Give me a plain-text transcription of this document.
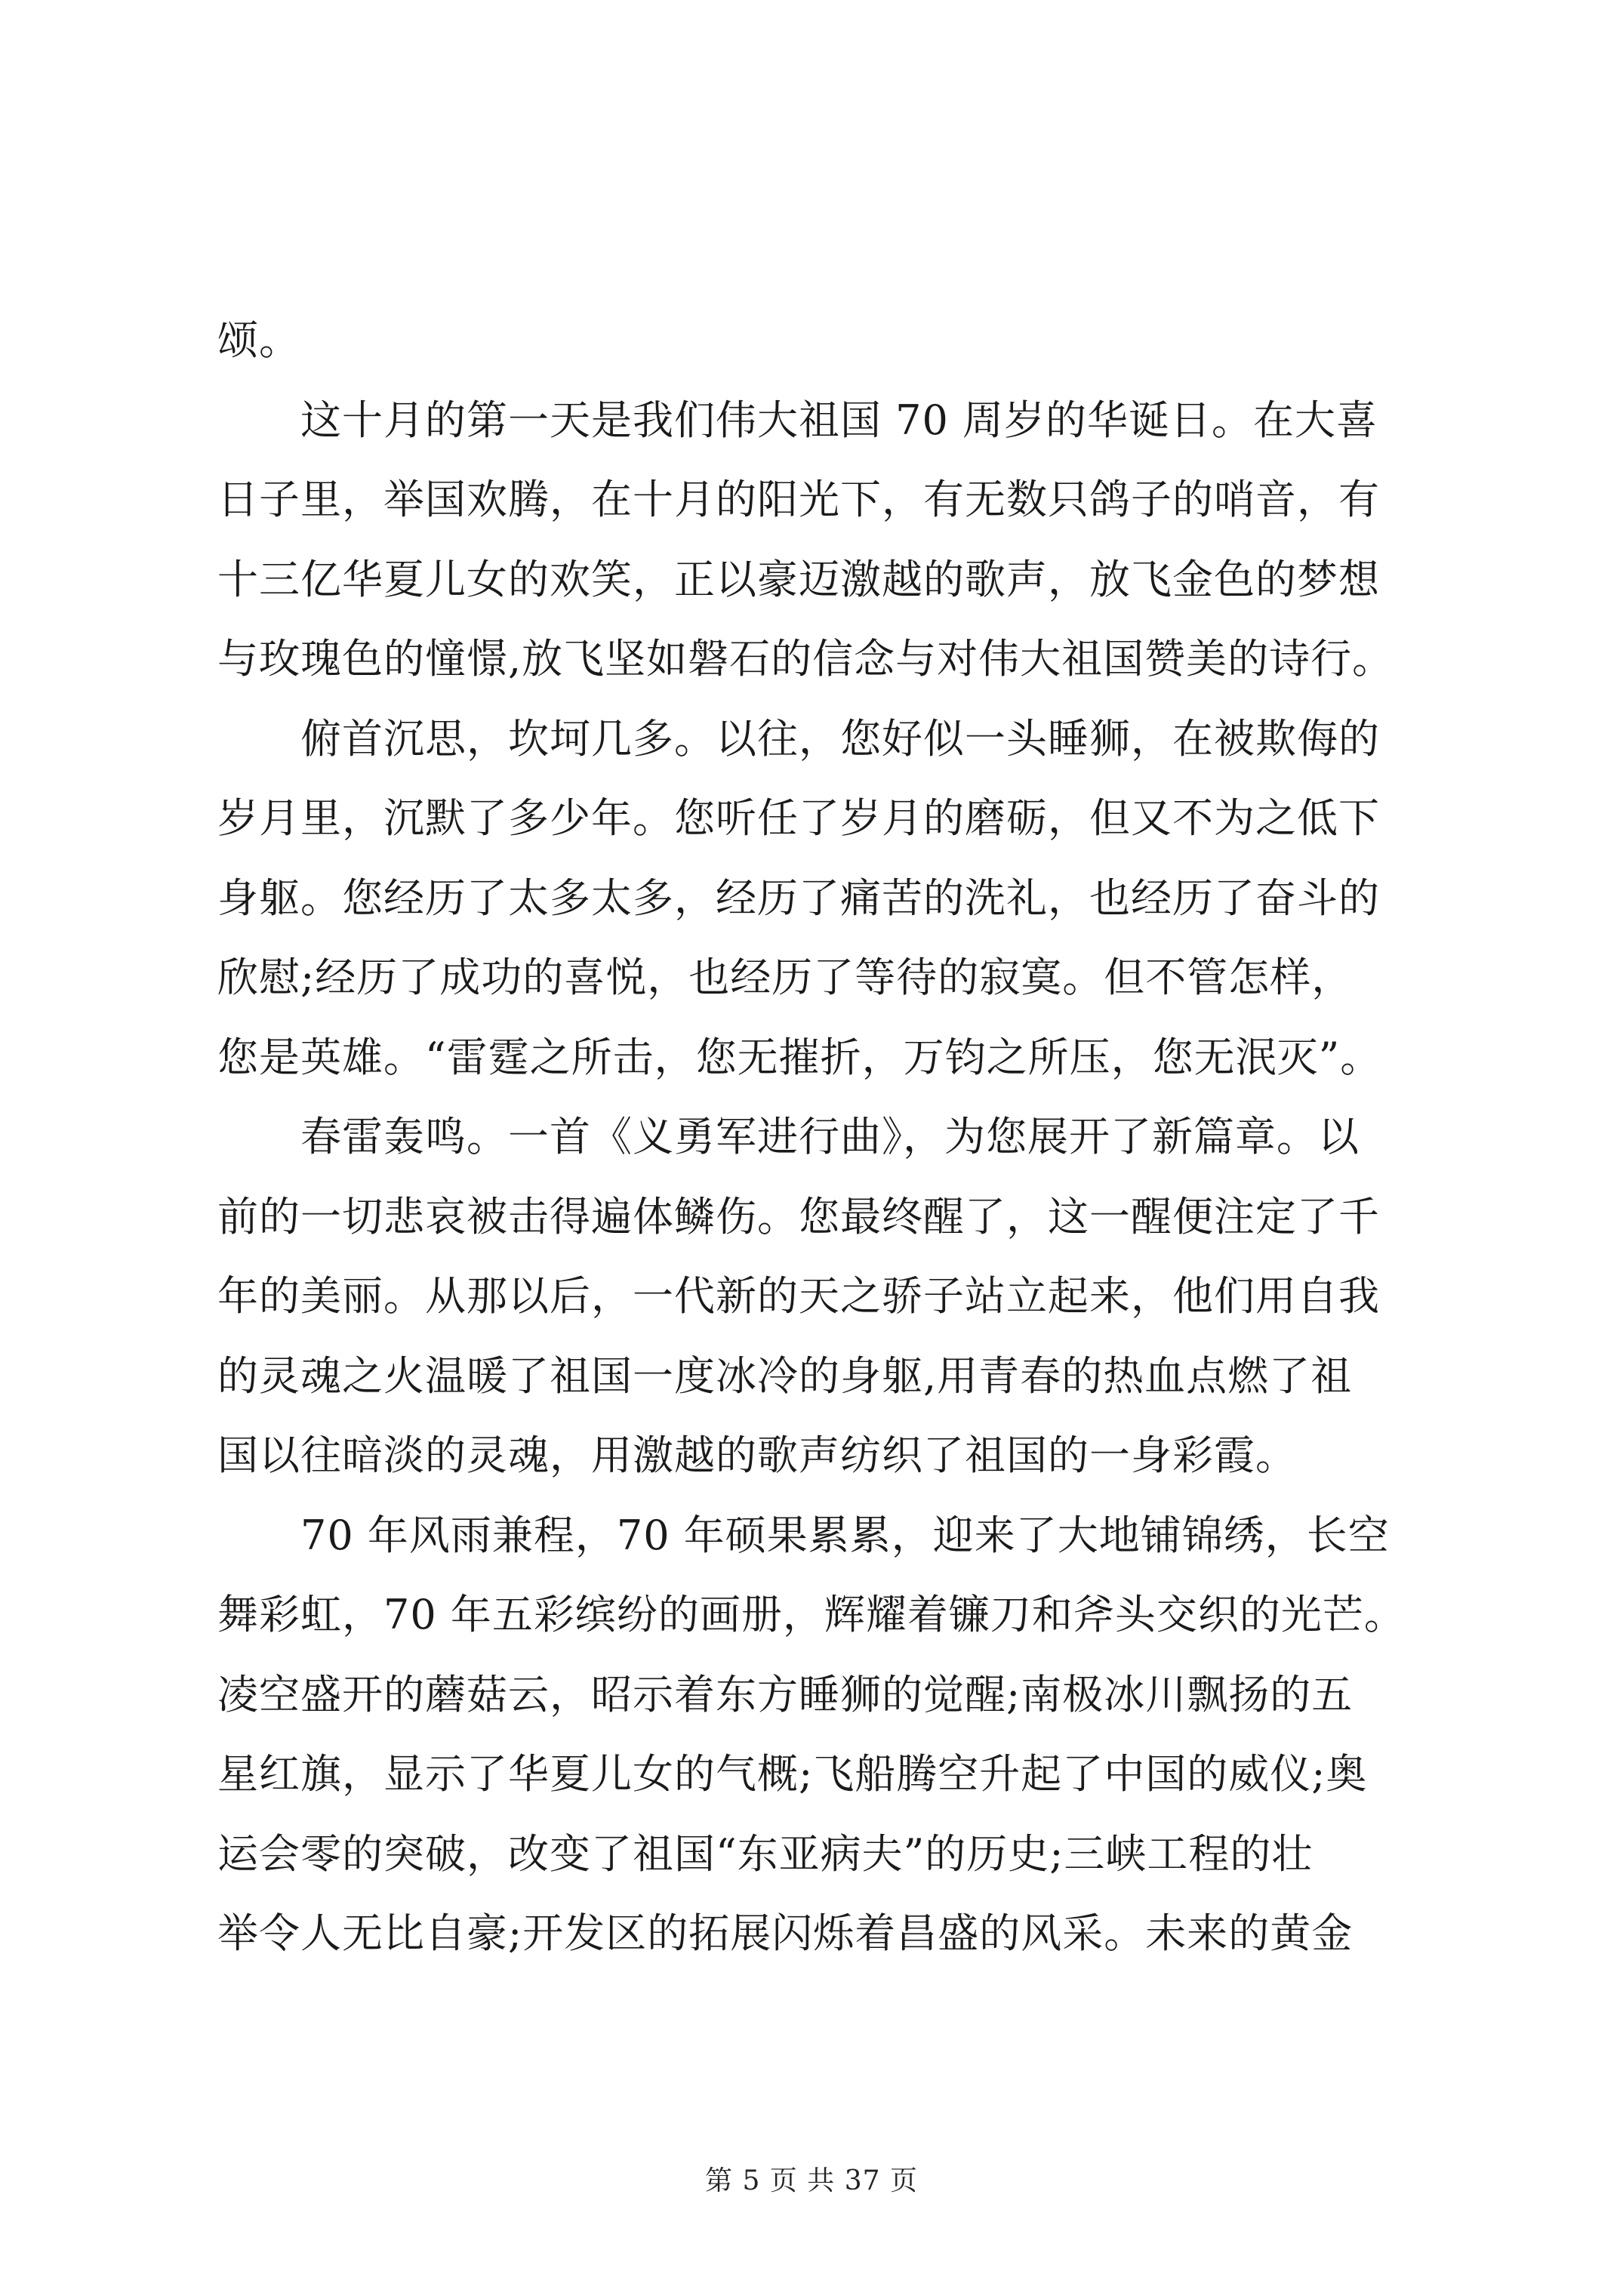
颂。
这十月的第一天是我们伟大祖国 70 周岁的华诞日。在大喜
日子里，举国欢腾，在十月的阳光下，有无数只鸽子的哨音，有
十三亿华夏儿女的欢笑，正以豪迈激越的歌声，放飞金色的梦想
与玫瑰色的憧憬,放飞坚如磐石的信念与对伟大祖国赞美的诗行。
俯首沉思，坎坷几多。以往，您好似一头睡狮，在被欺侮的
岁月里，沉默了多少年。您听任了岁月的磨砺，但又不为之低下
身躯。您经历了太多太多，经历了痛苦的洗礼，也经历了奋斗的
欣慰;经历了成功的喜悦，也经历了等待的寂寞。但不管怎样，
您是英雄。“雷霆之所击，您无摧折，万钧之所压，您无泯灭”。
春雷轰鸣。一首《义勇军进行曲》，为您展开了新篇章。以
前的一切悲哀被击得遍体鳞伤。您最终醒了，这一醒便注定了千
年的美丽。从那以后，一代新的天之骄子站立起来，他们用自我
的灵魂之火温暖了祖国一度冰冷的身躯,用青春的热血点燃了祖
国以往暗淡的灵魂，用激越的歌声纺织了祖国的一身彩霞。
70 年风雨兼程，70 年硕果累累，迎来了大地铺锦绣，长空
舞彩虹，70 年五彩缤纷的画册，辉耀着镰刀和斧头交织的光芒。
凌空盛开的蘑菇云，昭示着东方睡狮的觉醒;南极冰川飘扬的五
星红旗，显示了华夏儿女的气概;飞船腾空升起了中国的威仪;奥
运会零的突破，改变了祖国“东亚病夫”的历史;三峡工程的壮
举令人无比自豪;开发区的拓展闪烁着昌盛的风采。未来的黄金
第 5 页 共 37 页
